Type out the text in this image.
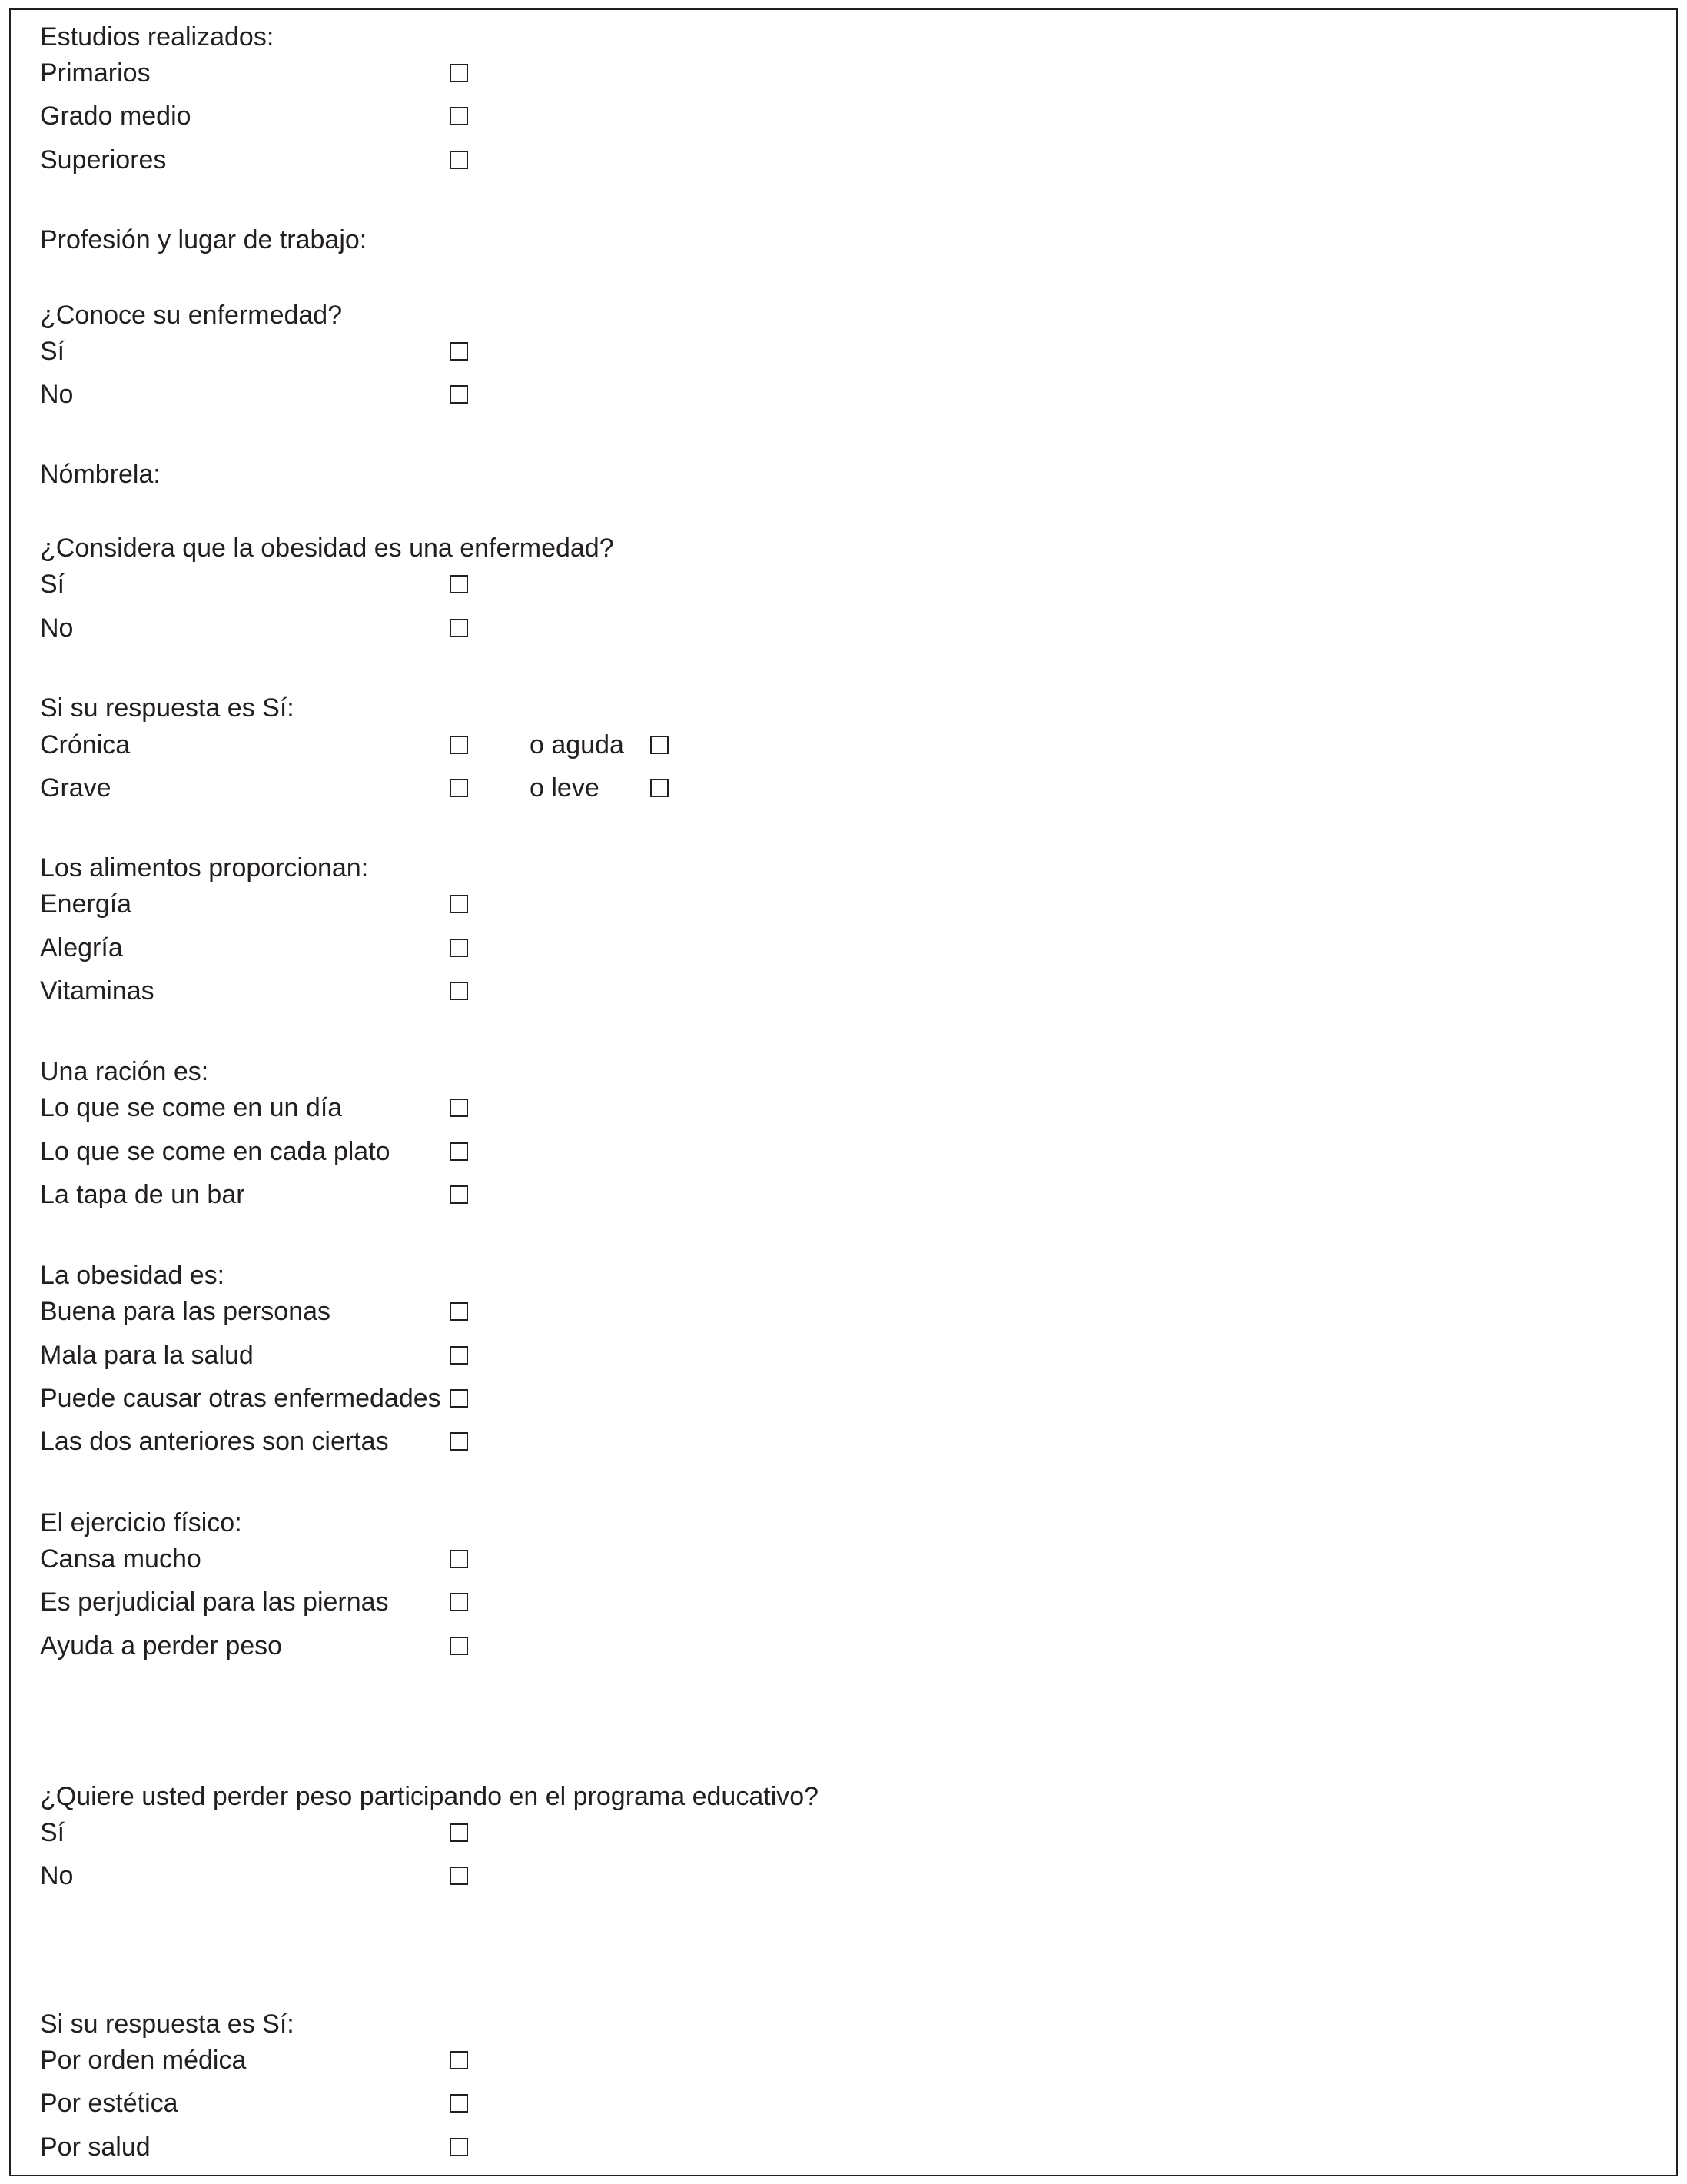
Estudios realizados:
Primarios
Grado medio
Superiores
Profesión y lugar de trabajo:
¿Conoce su enfermedad?
Sí
No
Nómbrela:
¿Considera que la obesidad es una enfermedad?
Sí
No
Si su respuesta es Sí:
Crónica	o aguda
Grave	o leve
Los alimentos proporcionan:
Energía
Alegría
Vitaminas
Una ración es:
Lo que se come en un día
Lo que se come en cada plato
La tapa de un bar
La obesidad es:
Buena para las personas
Mala para la salud
Puede causar otras enfermedades
Las dos anteriores son ciertas
El ejercicio físico:
Cansa mucho
Es perjudicial para las piernas
Ayuda a perder peso
¿Quiere usted perder peso participando en el programa educativo?
Sí
No
Si su respuesta es Sí:
Por orden médica
Por estética
Por salud
